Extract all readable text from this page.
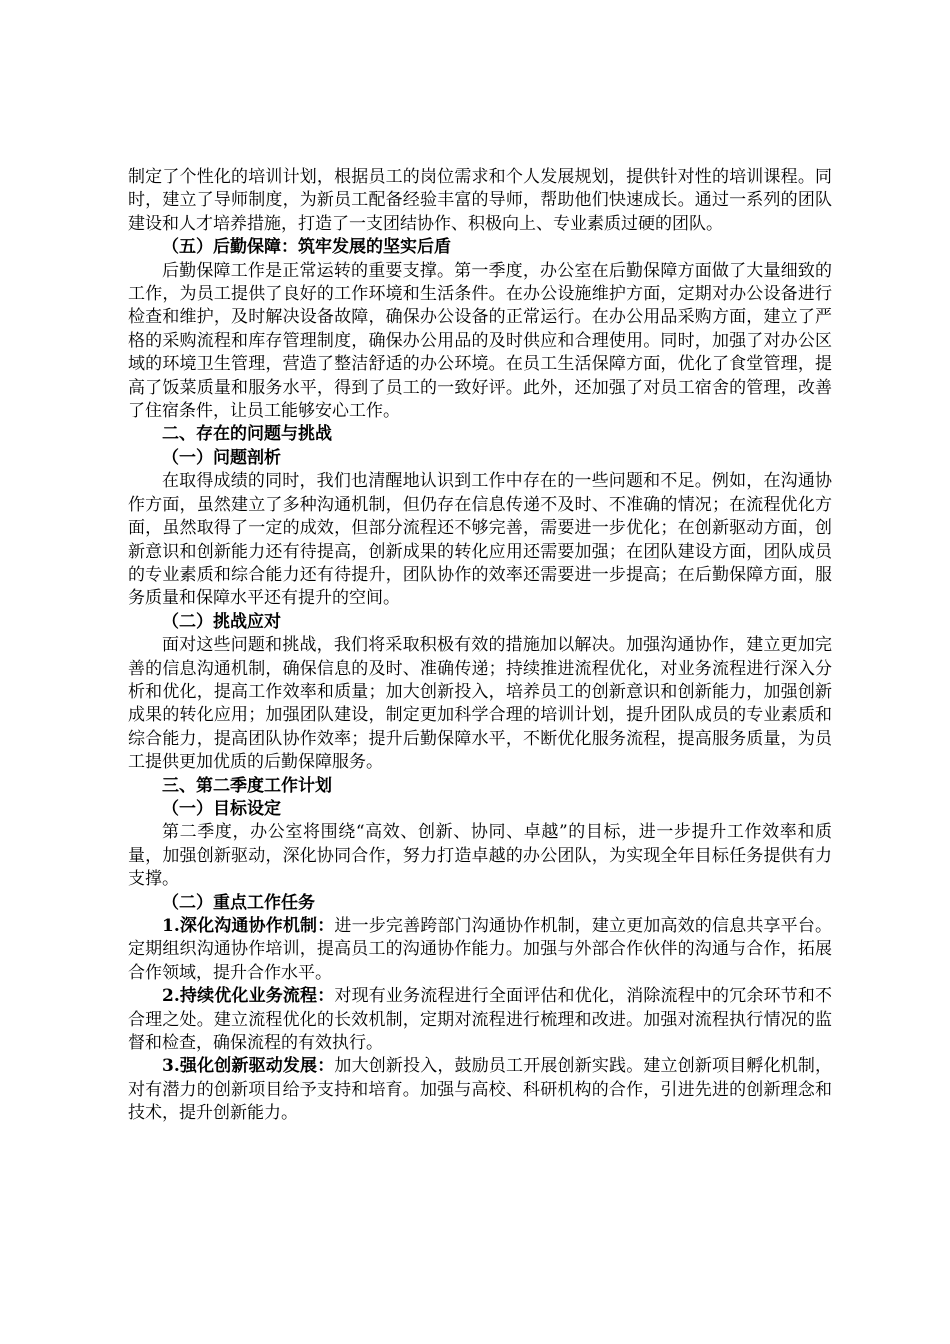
制定了个性化的培训计划，根据员工的岗位需求和个人发展规划，提供针对性的培训课程。同时，建立了导师制度，为新员工配备经验丰富的导师，帮助他们快速成长。通过一系列的团队建设和人才培养措施，打造了一支团结协作、积极向上、专业素质过硬的团队。

（五）后勤保障：筑牢发展的坚实后盾

后勤保障工作是正常运转的重要支撑。第一季度，办公室在后勤保障方面做了大量细致的工作，为员工提供了良好的工作环境和生活条件。在办公设施维护方面，定期对办公设备进行检查和维护，及时解决设备故障，确保办公设备的正常运行。在办公用品采购方面，建立了严格的采购流程和库存管理制度，确保办公用品的及时供应和合理使用。同时，加强了对办公区域的环境卫生管理，营造了整洁舒适的办公环境。在员工生活保障方面，优化了食堂管理，提高了饭菜质量和服务水平，得到了员工的一致好评。此外，还加强了对员工宿舍的管理，改善了住宿条件，让员工能够安心工作。

二、存在的问题与挑战

（一）问题剖析

在取得成绩的同时，我们也清醒地认识到工作中存在的一些问题和不足。例如，在沟通协作方面，虽然建立了多种沟通机制，但仍存在信息传递不及时、不准确的情况；在流程优化方面，虽然取得了一定的成效，但部分流程还不够完善，需要进一步优化；在创新驱动方面，创新意识和创新能力还有待提高，创新成果的转化应用还需要加强；在团队建设方面，团队成员的专业素质和综合能力还有待提升，团队协作的效率还需要进一步提高；在后勤保障方面，服务质量和保障水平还有提升的空间。

（二）挑战应对

面对这些问题和挑战，我们将采取积极有效的措施加以解决。加强沟通协作，建立更加完善的信息沟通机制，确保信息的及时、准确传递；持续推进流程优化，对业务流程进行深入分析和优化，提高工作效率和质量；加大创新投入，培养员工的创新意识和创新能力，加强创新成果的转化应用；加强团队建设，制定更加科学合理的培训计划，提升团队成员的专业素质和综合能力，提高团队协作效率；提升后勤保障水平，不断优化服务流程，提高服务质量，为员工提供更加优质的后勤保障服务。

三、第二季度工作计划

（一）目标设定

第二季度，办公室将围绕“高效、创新、协同、卓越”的目标，进一步提升工作效率和质量，加强创新驱动，深化协同合作，努力打造卓越的办公团队，为实现全年目标任务提供有力支撑。

（二）重点工作任务

1.深化沟通协作机制：进一步完善跨部门沟通协作机制，建立更加高效的信息共享平台。定期组织沟通协作培训，提高员工的沟通协作能力。加强与外部合作伙伴的沟通与合作，拓展合作领域，提升合作水平。

2.持续优化业务流程：对现有业务流程进行全面评估和优化，消除流程中的冗余环节和不合理之处。建立流程优化的长效机制，定期对流程进行梳理和改进。加强对流程执行情况的监督和检查，确保流程的有效执行。

3.强化创新驱动发展：加大创新投入，鼓励员工开展创新实践。建立创新项目孵化机制，对有潜力的创新项目给予支持和培育。加强与高校、科研机构的合作，引进先进的创新理念和技术，提升创新能力。
